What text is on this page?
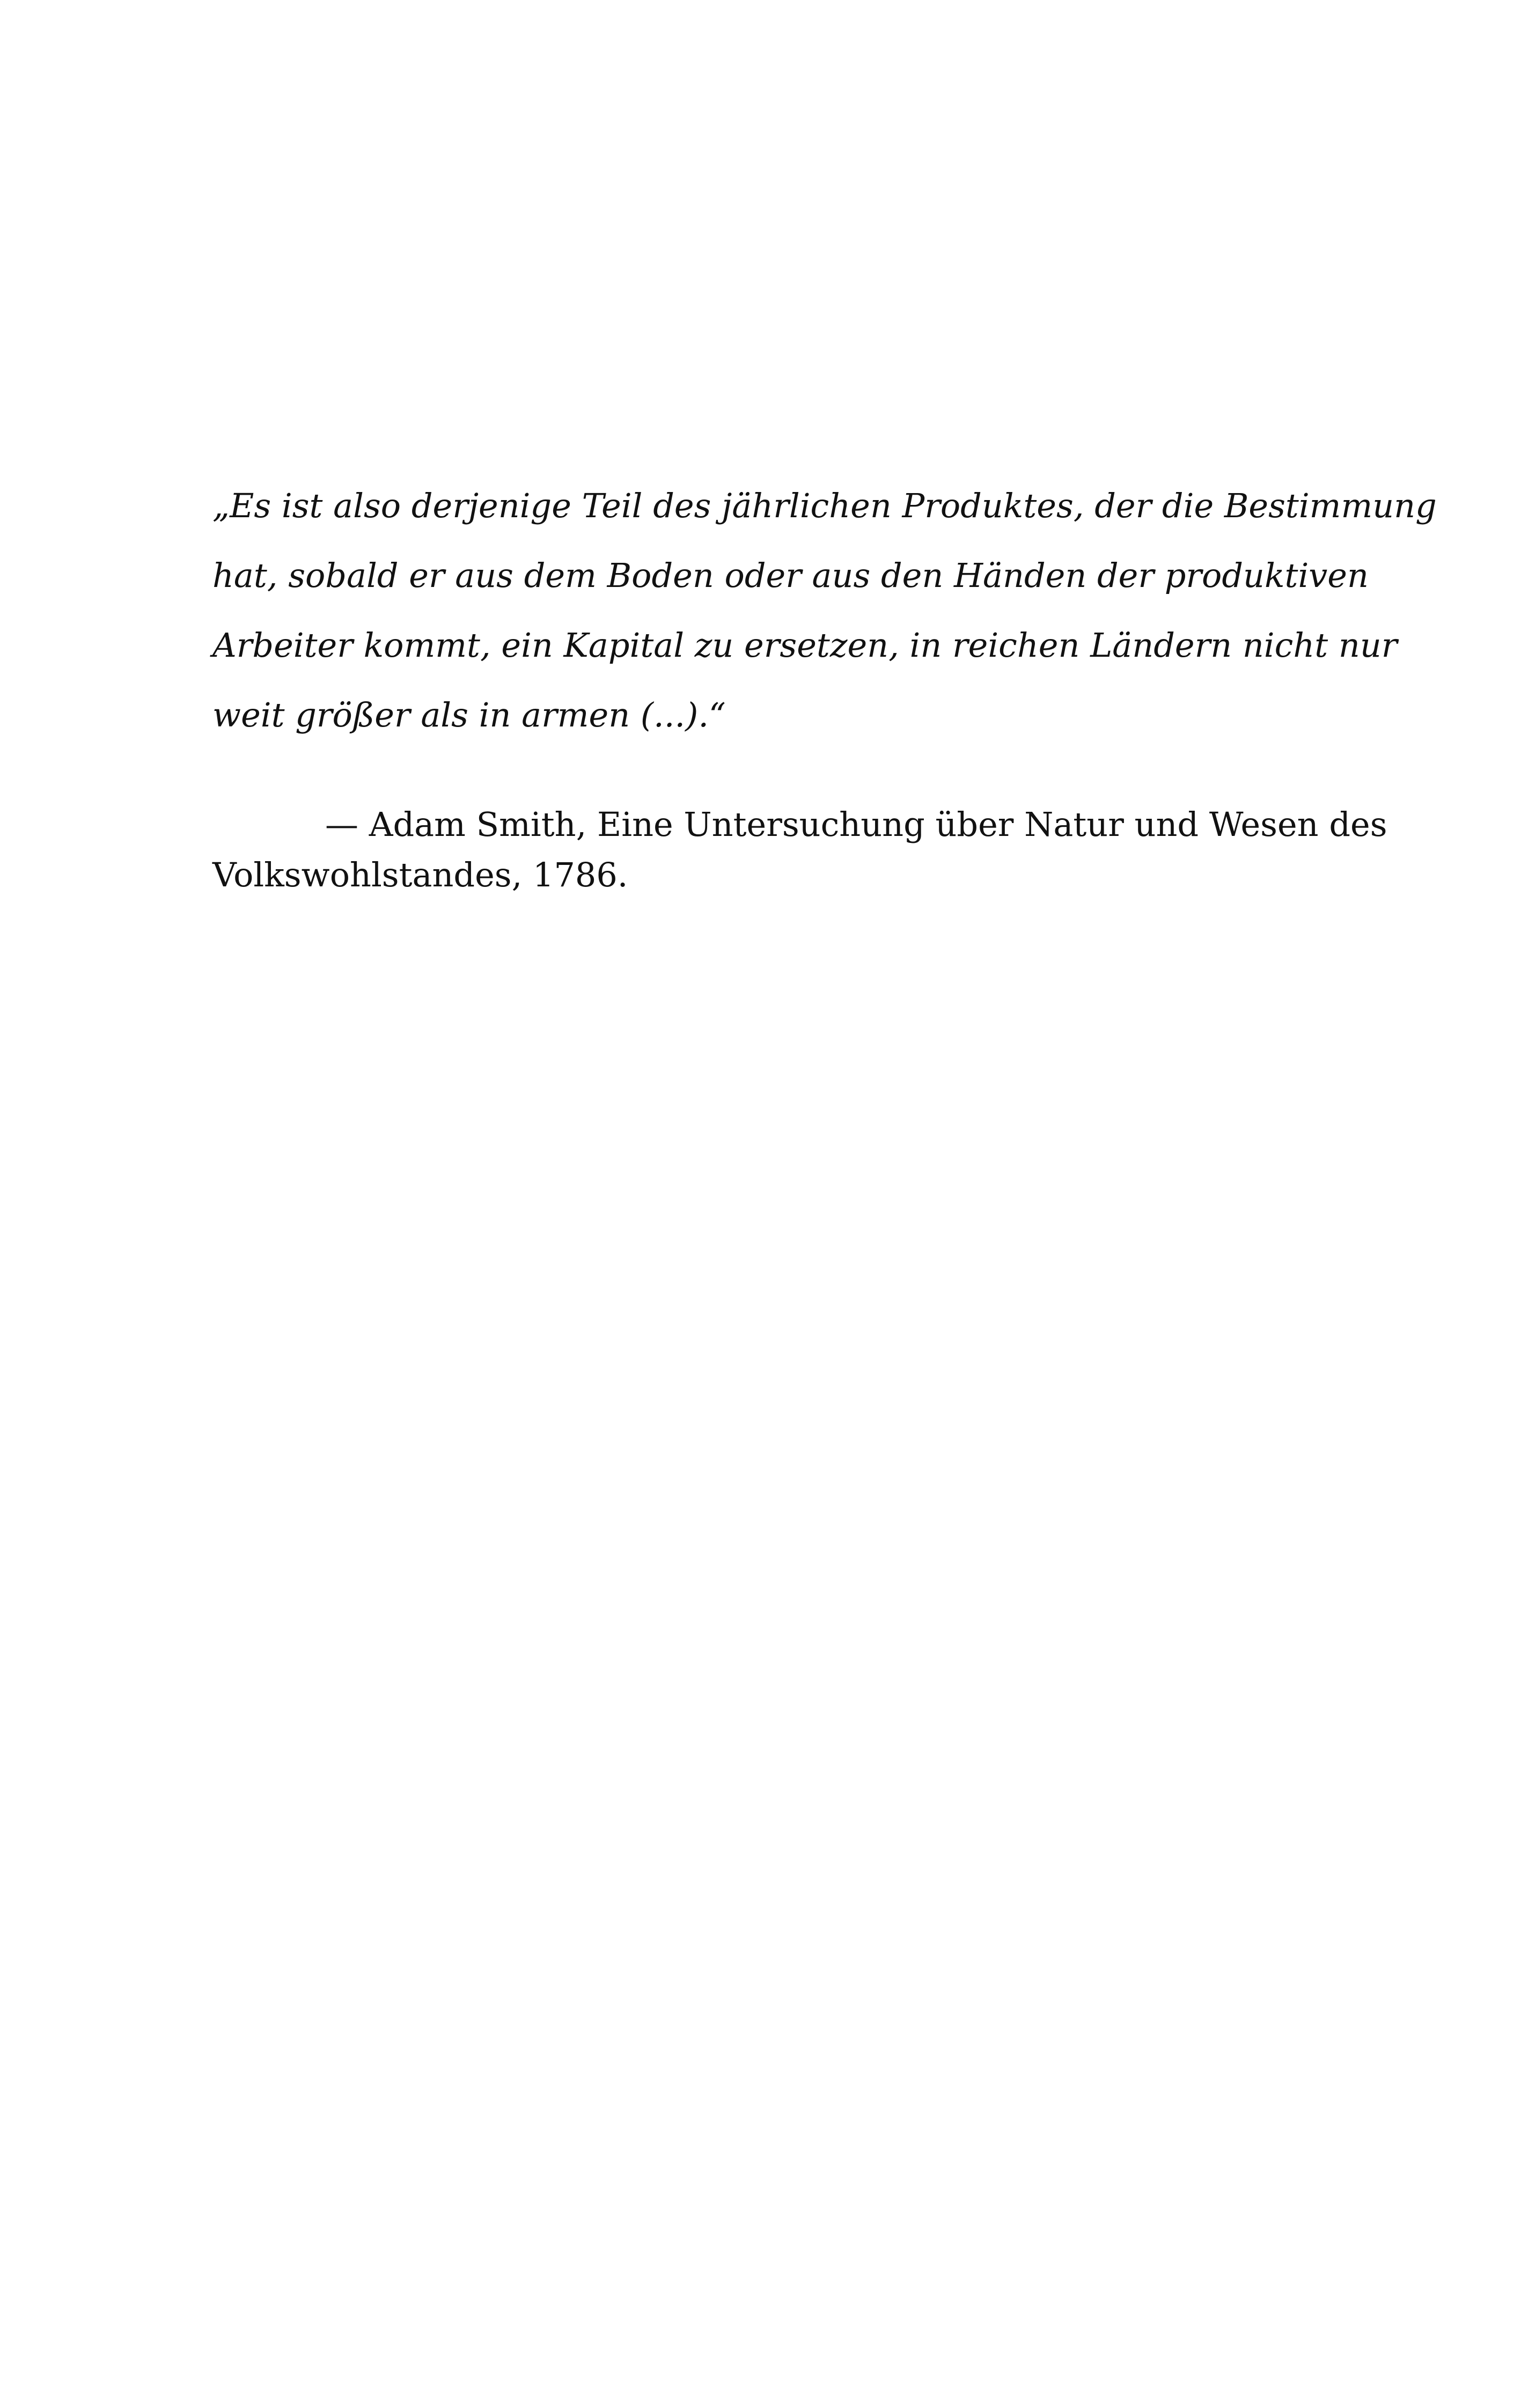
„Es ist also derjenige Teil des jährlichen Produktes, der die Bestimmung
hat, sobald er aus dem Boden oder aus den Händen der produktiven
Arbeiter kommt, ein Kapital zu ersetzen, in reichen Ländern nicht nur
weit größer als in armen (...).“

— Adam Smith, Eine Untersuchung über Natur und Wesen des
Volkswohlstandes, 1786.
